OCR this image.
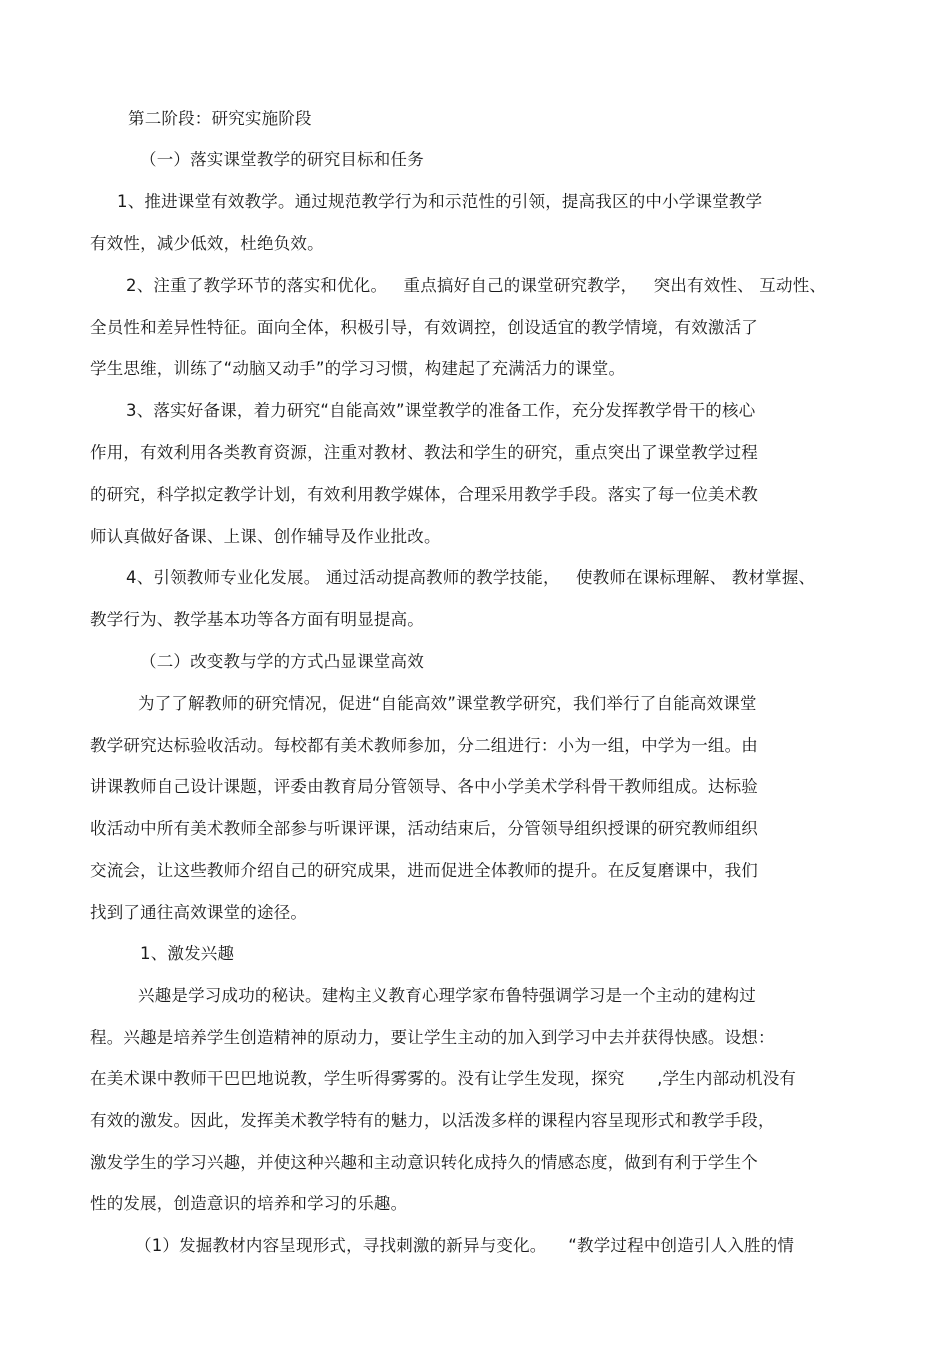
第二阶段：研究实施阶段
（一）落实课堂教学的研究目标和任务
1、推进课堂有效教学。通过规范教学行为和示范性的引领，提高我区的中小学课堂教学
有效性，减少低效，杜绝负效。
2、注重了教学环节的落实和优化。   重点搞好自己的课堂研究教学，   突出有效性、 互动性、
全员性和差异性特征。面向全体，积极引导，有效调控，创设适宜的教学情境，有效激活了
学生思维，训练了“动脑又动手”的学习习惯，构建起了充满活力的课堂。
3、落实好备课，着力研究“自能高效”课堂教学的准备工作，充分发挥教学骨干的核心
作用，有效利用各类教育资源，注重对教材、教法和学生的研究，重点突出了课堂教学过程
的研究，科学拟定教学计划，有效利用教学媒体，合理采用教学手段。落实了每一位美术教
师认真做好备课、上课、创作辅导及作业批改。
4、引领教师专业化发展。 通过活动提高教师的教学技能，   使教师在课标理解、 教材掌握、
教学行为、教学基本功等各方面有明显提高。
（二）改变教与学的方式凸显课堂高效
为了了解教师的研究情况，促进“自能高效”课堂教学研究，我们举行了自能高效课堂
教学研究达标验收活动。每校都有美术教师参加，分二组进行：小为一组，中学为一组。由
讲课教师自己设计课题，评委由教育局分管领导、各中小学美术学科骨干教师组成。达标验
收活动中所有美术教师全部参与听课评课，活动结束后，分管领导组织授课的研究教师组织
交流会，让这些教师介绍自己的研究成果，进而促进全体教师的提升。在反复磨课中，我们
找到了通往高效课堂的途径。
1、激发兴趣
兴趣是学习成功的秘诀。建构主义教育心理学家布鲁特强调学习是一个主动的建构过
程。兴趣是培养学生创造精神的原动力，要让学生主动的加入到学习中去并获得快感。设想：
在美术课中教师干巴巴地说教，学生听得雾雾的。没有让学生发现，探究      ,学生内部动机没有
有效的激发。因此，发挥美术教学特有的魅力，以活泼多样的课程内容呈现形式和教学手段，
激发学生的学习兴趣，并使这种兴趣和主动意识转化成持久的情感态度，做到有利于学生个
性的发展，创造意识的培养和学习的乐趣。
（1）发掘教材内容呈现形式，寻找刺激的新异与变化。    “教学过程中创造引人入胜的情
